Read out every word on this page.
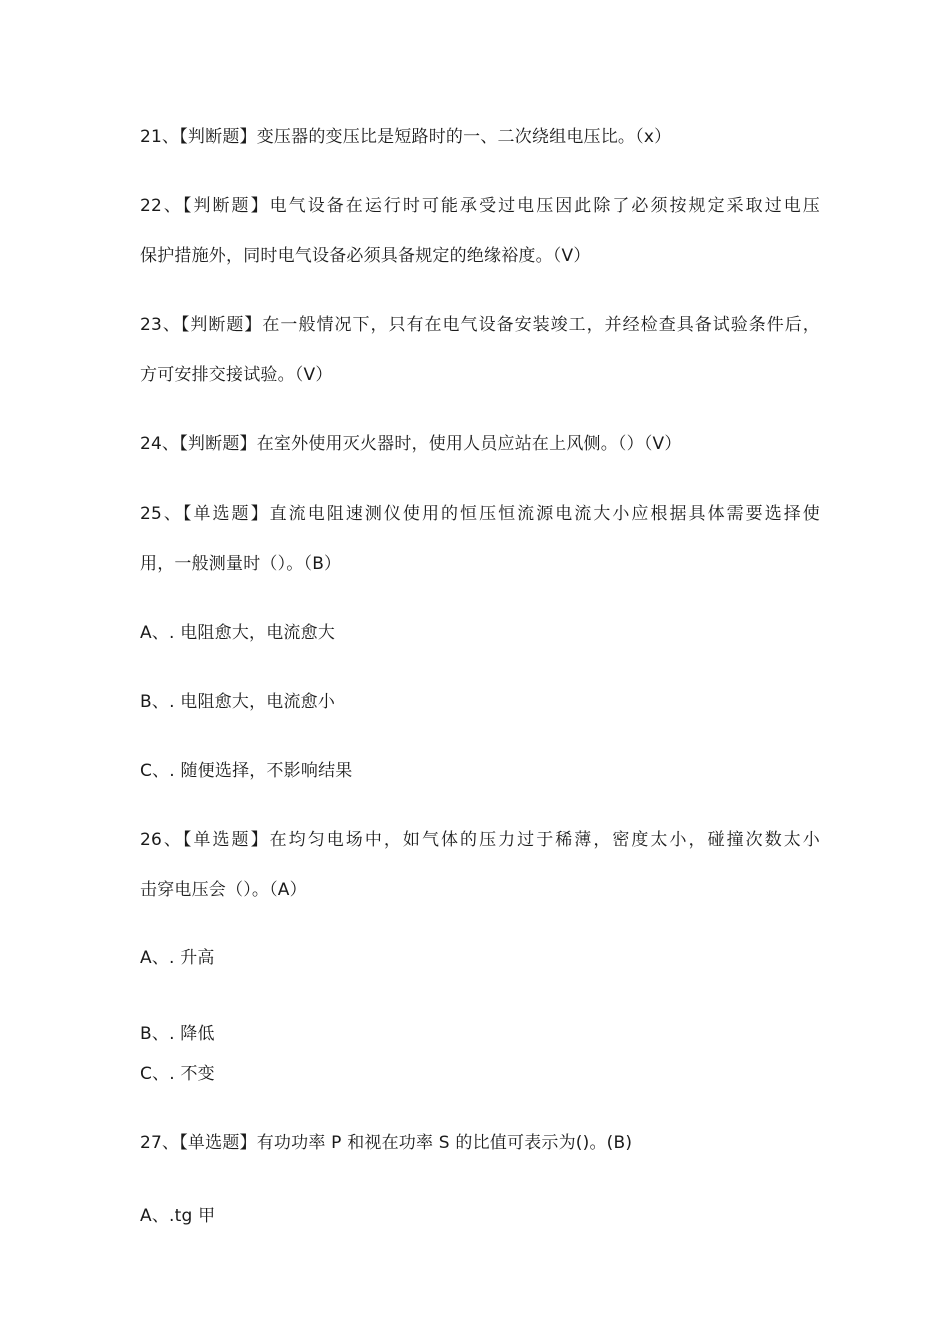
21、【判断题】变压器的变压比是短路时的一、二次绕组电压比。（x）
22、【判断题】电气设备在运行时可能承受过电压因此除了必须按规定采取过电压
保护措施外，同时电气设备必须具备规定的绝缘裕度。（V）
23、【判断题】在一般情况下，只有在电气设备安装竣工，并经检查具备试验条件后，
方可安排交接试验。（V）
24、【判断题】在室外使用灭火器时，使用人员应站在上风侧。（）（V）
25、【单选题】直流电阻速测仪使用的恒压恒流源电流大小应根据具体需要选择使
用，一般测量时（）。（B）
A、. 电阻愈大，电流愈大
B、. 电阻愈大，电流愈小
C、. 随便选择，不影响结果
26、【单选题】在均匀电场中，如气体的压力过于稀薄，密度太小，碰撞次数太小
击穿电压会（）。（A）
A、. 升高
B、. 降低
C、. 不变
27、【单选题】有功功率 P 和视在功率 S 的比值可表示为()。(B)
A、.tg 甲
